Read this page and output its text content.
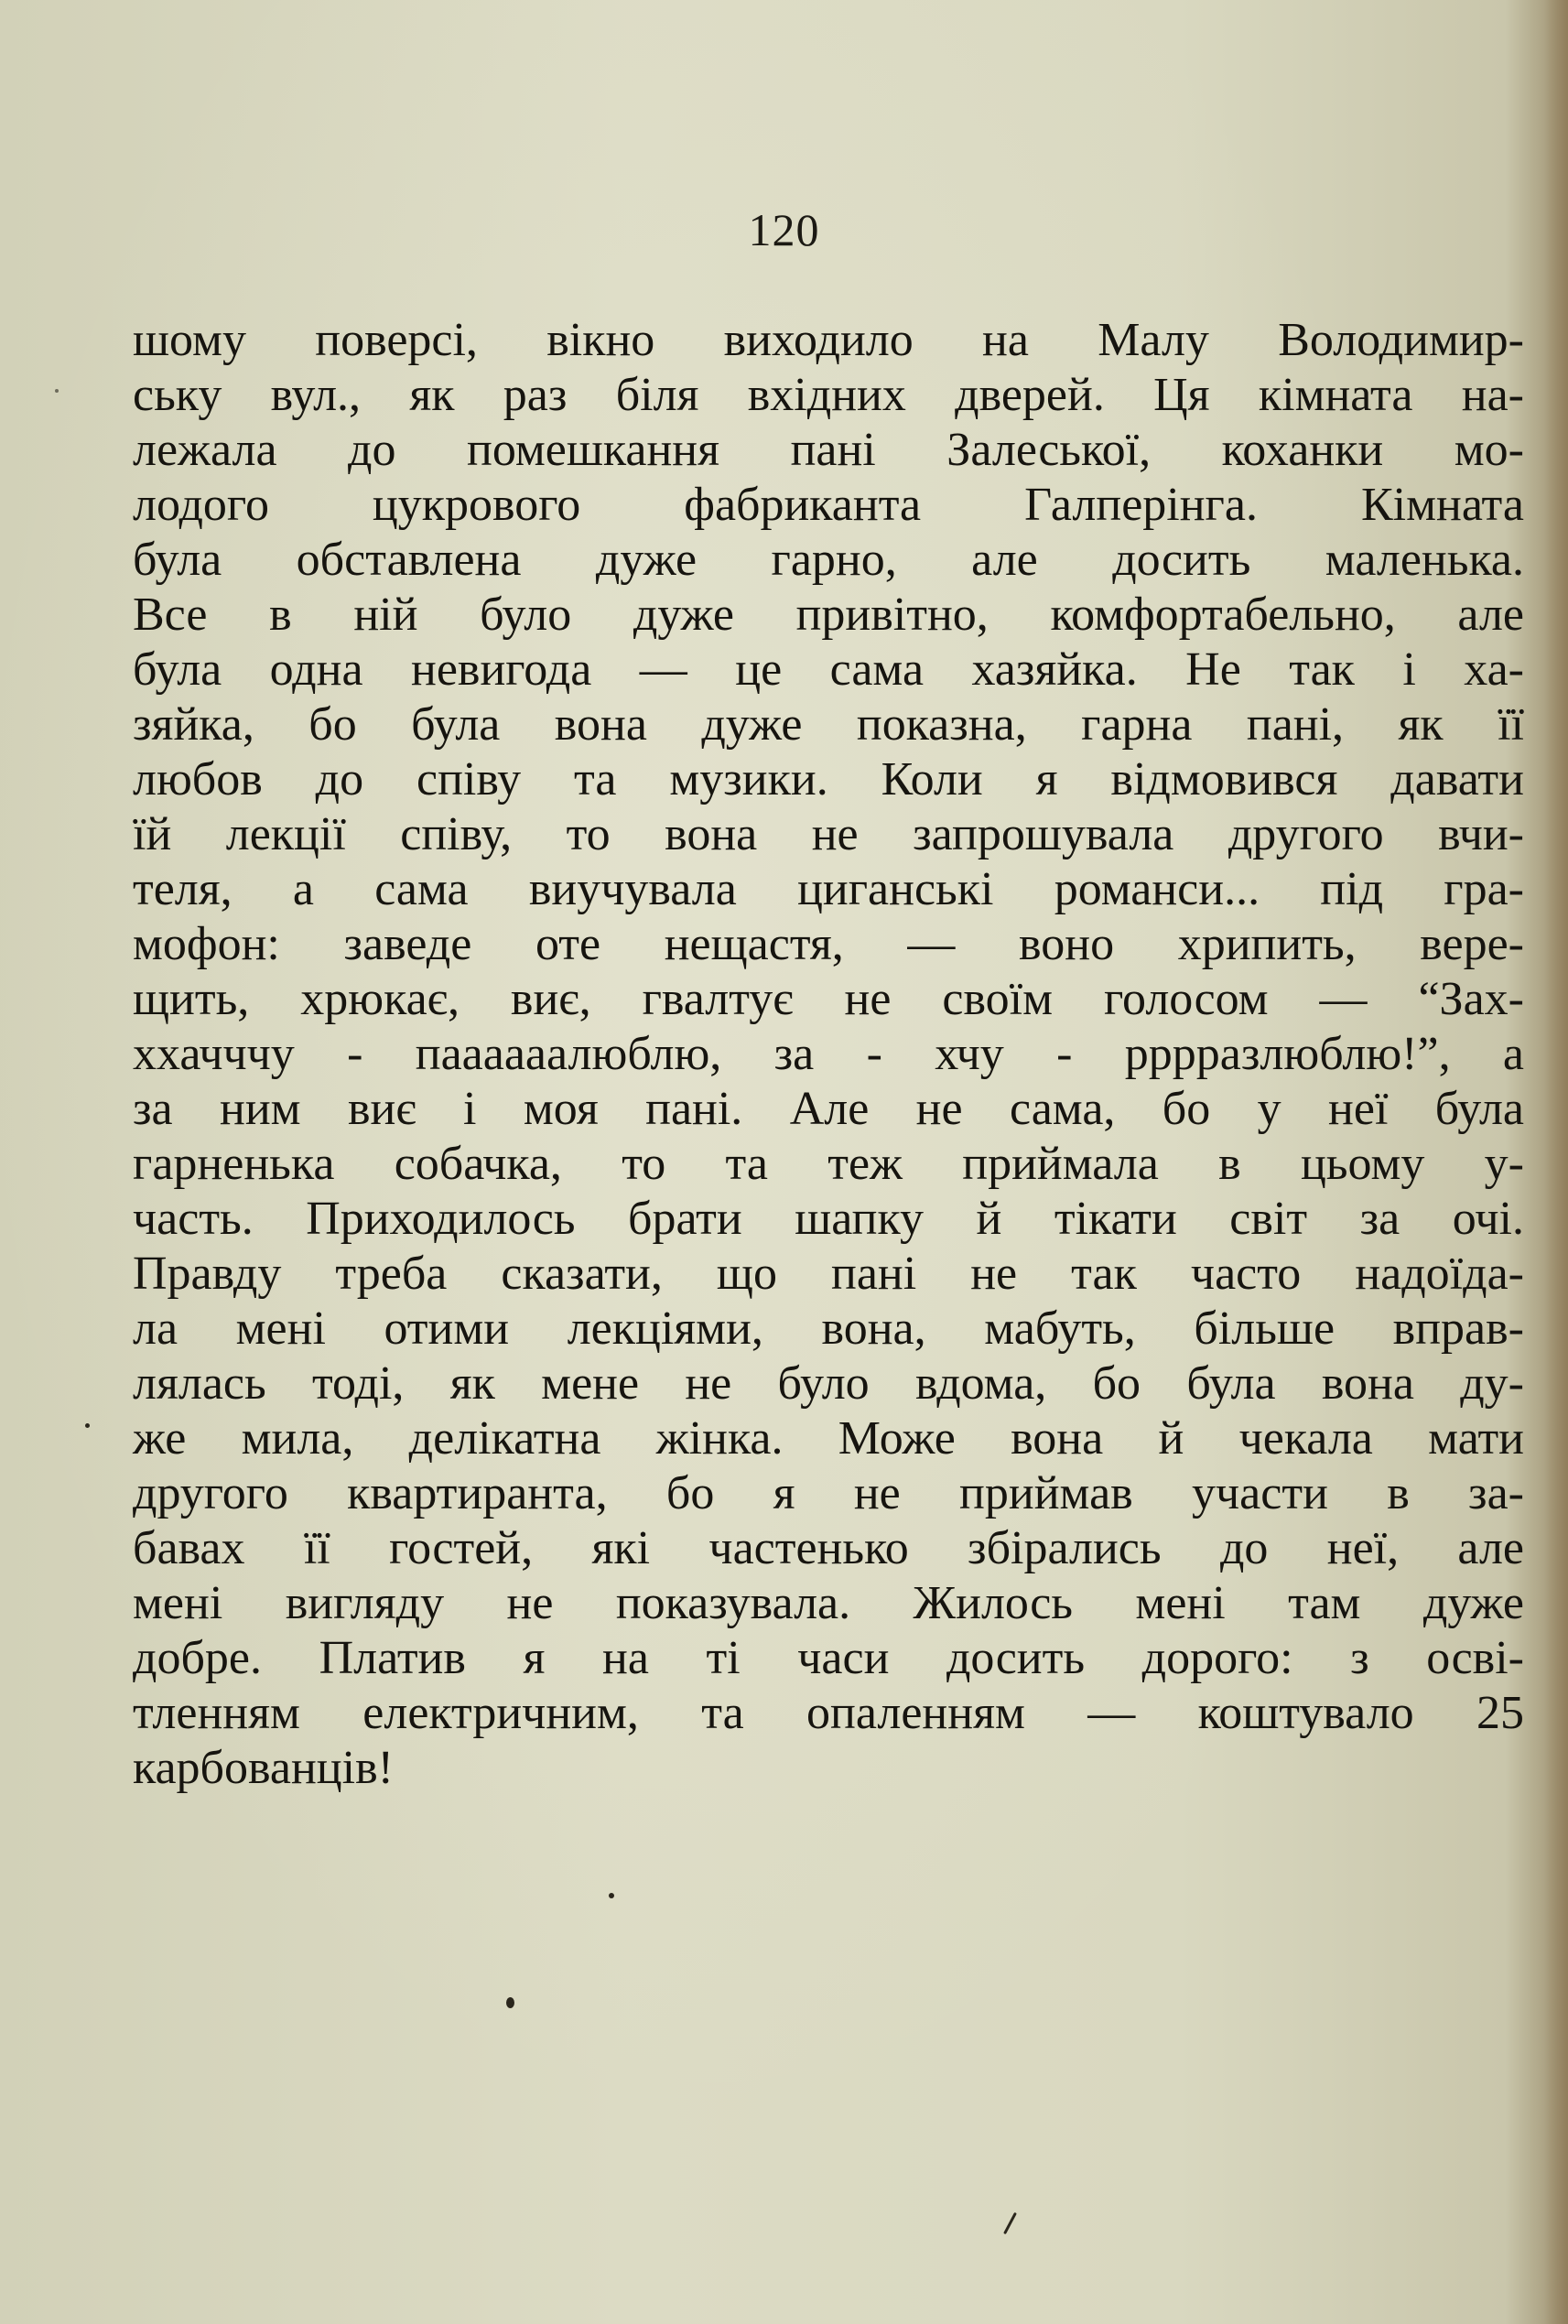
120
шому поверсі, вікно виходило на Малу Володимир-
ську вул., як раз біля вхідних дверей. Ця кімната на-
лежала до помешкання пані Залеської, коханки мо-
лодого цукрового фабриканта Галперінга. Кімната
була обставлена дуже гарно, але досить маленька.
Все в ній було дуже привітно, комфортабельно, але
була одна невигода — це сама хазяйка. Не так і ха-
зяйка, бо була вона дуже показна, гарна пані, як її
любов до співу та музики. Коли я відмовився давати
їй лекції співу, то вона не запрошувала другого вчи-
теля, а сама виучувала циганські романси... під гра-
мофон: заведе оте нещастя, — воно хрипить, вере-
щить, хрюкає, виє, гвалтує не своїм голосом — “Зах-
ххачччу - паааааалюблю, за - хчу - рррразлюблю!”, а
за ним виє і моя пані. Але не сама, бо у неї була
гарненька собачка, то та теж приймала в цьому у-
часть. Приходилось брати шапку й тікати світ за очі.
Правду треба сказати, що пані не так часто надоїда-
ла мені отими лекціями, вона, мабуть, більше вправ-
лялась тоді, як мене не було вдома, бо була вона ду-
же мила, делікатна жінка. Може вона й чекала мати
другого квартиранта, бо я не приймав участи в за-
бавах її гостей, які частенько збірались до неї, але
мені вигляду не показувала. Жилось мені там дуже
добре. Платив я на ті часи досить дорого: з осві-
тленням електричним, та опаленням — коштувало 25
карбованців!
